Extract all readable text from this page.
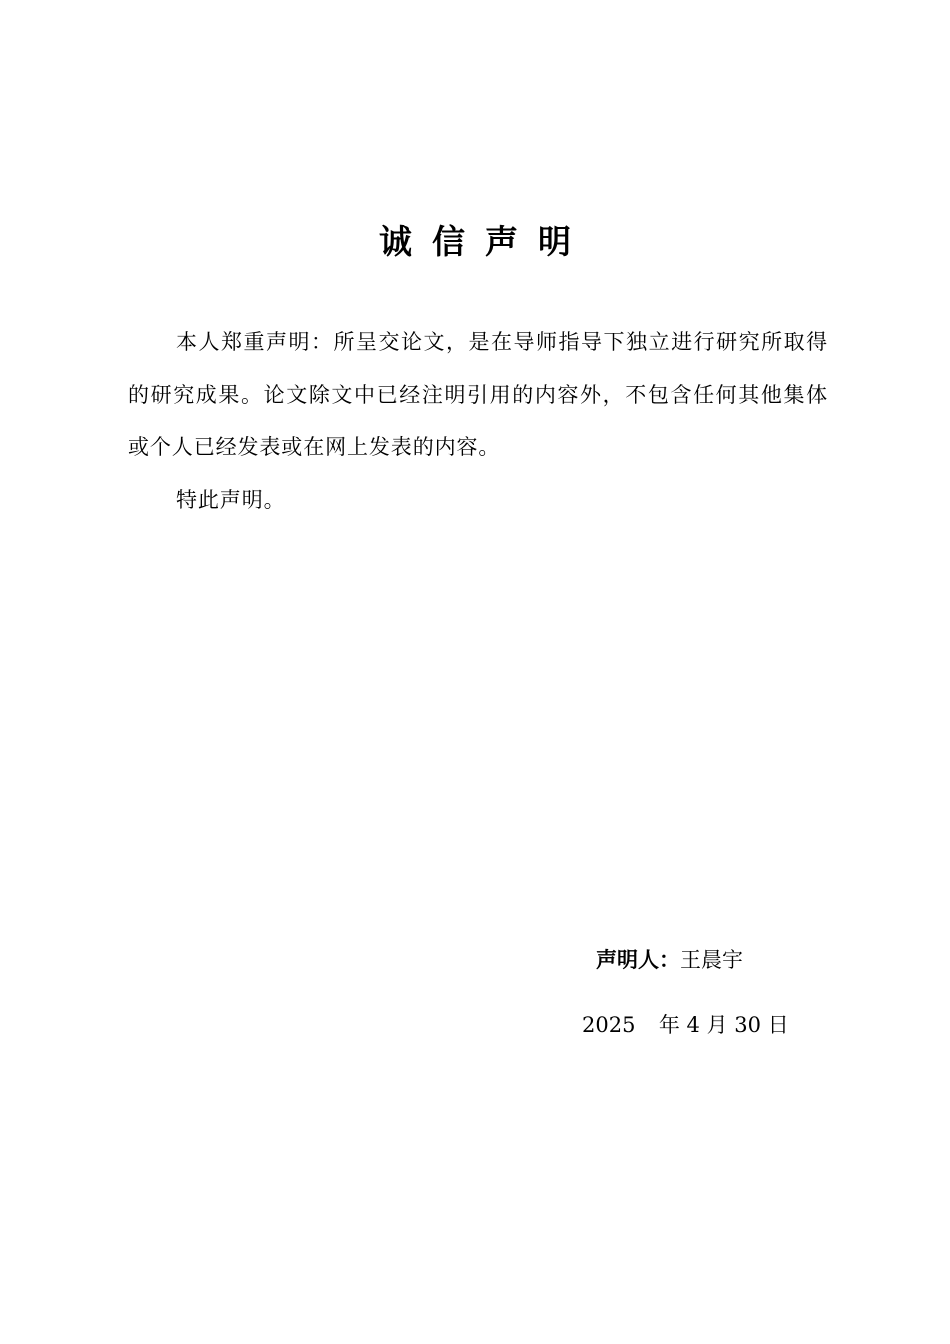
诚信声明

本人郑重声明：所呈交论文，是在导师指导下独立进行研究所取得的研究成果。论文除文中已经注明引用的内容外，不包含任何其他集体或个人已经发表或在网上发表的内容。

特此声明。

声明人：王晨宇
2025 年 4 月 30 日
